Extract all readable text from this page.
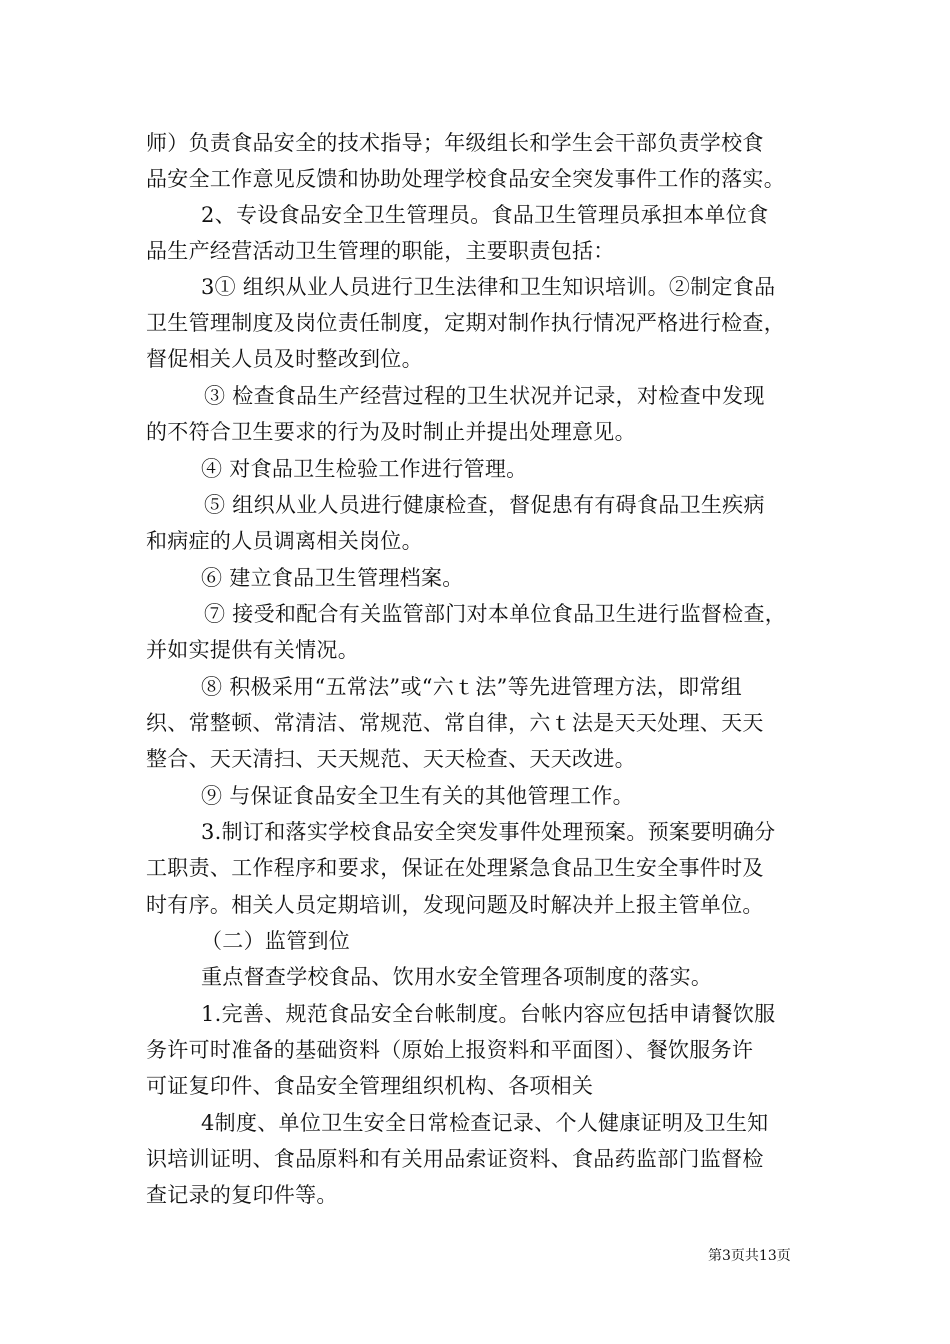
师）负责食品安全的技术指导；年级组长和学生会干部负责学校食
品安全工作意见反馈和协助处理学校食品安全突发事件工作的落实。
2、专设食品安全卫生管理员。食品卫生管理员承担本单位食
品生产经营活动卫生管理的职能，主要职责包括：
3① 组织从业人员进行卫生法律和卫生知识培训。②制定食品
卫生管理制度及岗位责任制度，定期对制作执行情况严格进行检查，
督促相关人员及时整改到位。
③ 检查食品生产经营过程的卫生状况并记录，对检查中发现
的不符合卫生要求的行为及时制止并提出处理意见。
④ 对食品卫生检验工作进行管理。
⑤ 组织从业人员进行健康检查，督促患有有碍食品卫生疾病
和病症的人员调离相关岗位。
⑥ 建立食品卫生管理档案。
⑦ 接受和配合有关监管部门对本单位食品卫生进行监督检查，
并如实提供有关情况。
⑧ 积极采用“五常法”或“六ｔ法”等先进管理方法，即常组
织、常整顿、常清洁、常规范、常自律，六ｔ法是天天处理、天天
整合、天天清扫、天天规范、天天检查、天天改进。
⑨ 与保证食品安全卫生有关的其他管理工作。
3.制订和落实学校食品安全突发事件处理预案。预案要明确分
工职责、工作程序和要求，保证在处理紧急食品卫生安全事件时及
时有序。相关人员定期培训，发现问题及时解决并上报主管单位。
（二）监管到位
重点督查学校食品、饮用水安全管理各项制度的落实。
1.完善、规范食品安全台帐制度。台帐内容应包括申请餐饮服
务许可时准备的基础资料（原始上报资料和平面图）、餐饮服务许
可证复印件、食品安全管理组织机构、各项相关
4制度、单位卫生安全日常检查记录、个人健康证明及卫生知
识培训证明、食品原料和有关用品索证资料、食品药监部门监督检
查记录的复印件等。
第3页共13页
